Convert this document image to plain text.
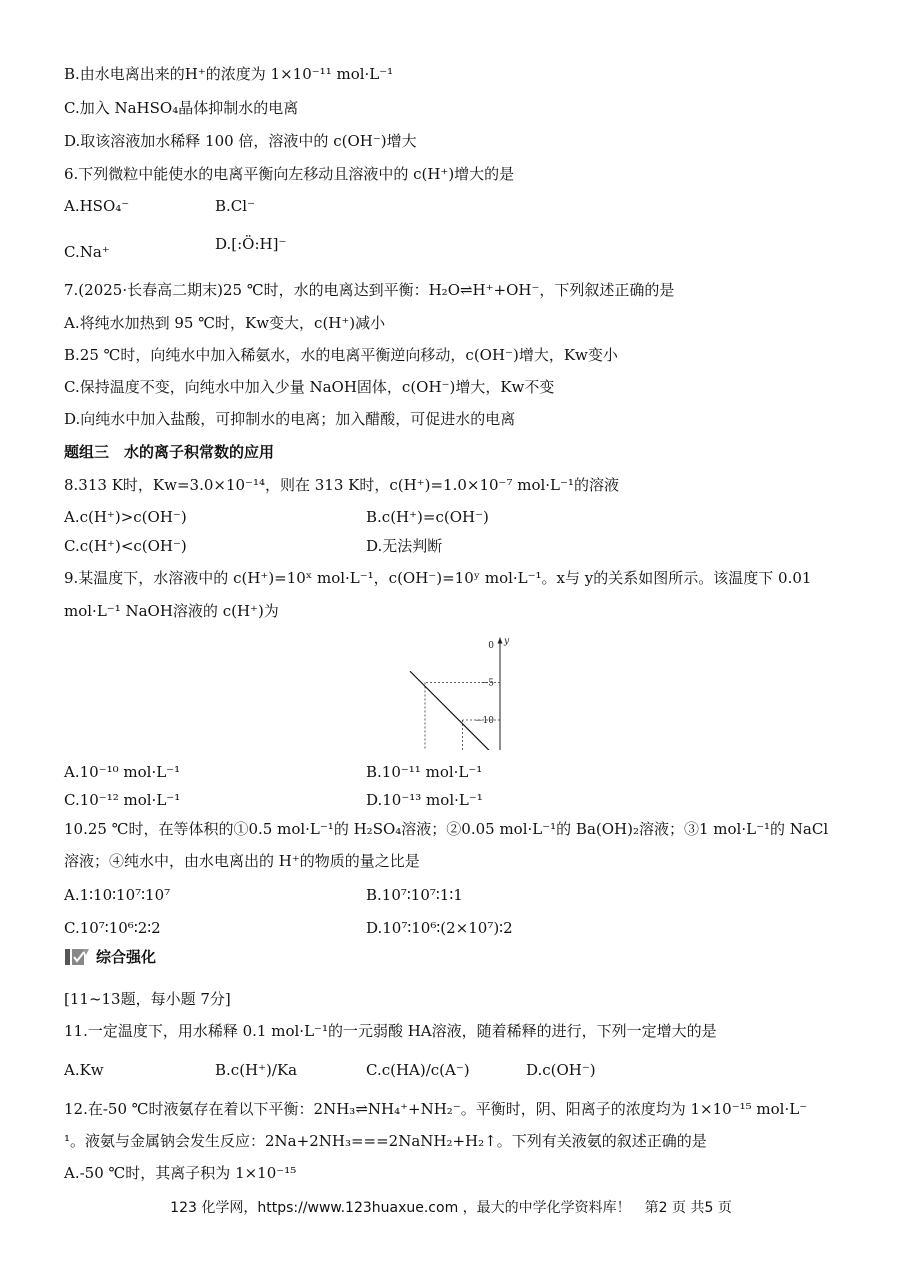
B.由水电离出来的H⁺的浓度为 1×10⁻¹¹ mol·L⁻¹
C.加入 NaHSO₄晶体抑制水的电离
D.取该溶液加水稀释 100 倍，溶液中的 c(OH⁻)增大
6.下列微粒中能使水的电离平衡向左移动且溶液中的 c(H⁺)增大的是
A.HSO₄⁻	B.Cl⁻
C.Na⁺	D.[:Ö:H]⁻
7.(2025·长春高二期末)25 ℃时，水的电离达到平衡：H₂O⇌H⁺+OH⁻，下列叙述正确的是
A.将纯水加热到 95 ℃时，Kw变大，c(H⁺)减小
B.25 ℃时，向纯水中加入稀氨水，水的电离平衡逆向移动，c(OH⁻)增大，Kw变小
C.保持温度不变，向纯水中加入少量 NaOH固体，c(OH⁻)增大，Kw不变
D.向纯水中加入盐酸，可抑制水的电离；加入醋酸，可促进水的电离
题组三　水的离子积常数的应用
8.313 K时，Kw=3.0×10⁻¹⁴，则在 313 K时，c(H⁺)=1.0×10⁻⁷ mol·L⁻¹的溶液
A.c(H⁺)>c(OH⁻)	B.c(H⁺)=c(OH⁻)
C.c(H⁺)<c(OH⁻)	D.无法判断
9.某温度下，水溶液中的 c(H⁺)=10ˣ mol·L⁻¹，c(OH⁻)=10ʸ mol·L⁻¹。x与 y的关系如图所示。该温度下 0.01
mol·L⁻¹ NaOH溶液的 c(H⁺)为
y
0
−5
−10
A.10⁻¹⁰ mol·L⁻¹	B.10⁻¹¹ mol·L⁻¹
C.10⁻¹² mol·L⁻¹	D.10⁻¹³ mol·L⁻¹
10.25 ℃时，在等体积的①0.5 mol·L⁻¹的 H₂SO₄溶液；②0.05 mol·L⁻¹的 Ba(OH)₂溶液；③1 mol·L⁻¹的 NaCl
溶液；④纯水中，由水电离出的 H⁺的物质的量之比是
A.1∶10∶10⁷∶10⁷	B.10⁷∶10⁷∶1∶1
C.10⁷∶10⁶∶2∶2	D.10⁷∶10⁶∶(2×10⁷)∶2
综合强化
[11~13题，每小题 7分]
11.一定温度下，用水稀释 0.1 mol·L⁻¹的一元弱酸 HA溶液，随着稀释的进行，下列一定增大的是
A.Kw	B.c(H⁺)/Ka	C.c(HA)/c(A⁻)	D.c(OH⁻)
12.在-50 ℃时液氨存在着以下平衡：2NH₃⇌NH₄⁺+NH₂⁻。平衡时，阴、阳离子的浓度均为 1×10⁻¹⁵ mol·L⁻
¹。液氨与金属钠会发生反应：2Na+2NH₃===2NaNH₂+H₂↑。下列有关液氨的叙述正确的是
A.-50 ℃时，其离子积为 1×10⁻¹⁵
123 化学网，https://www.123huaxue.com ，最大的中学化学资料库！　第2 页 共5 页
